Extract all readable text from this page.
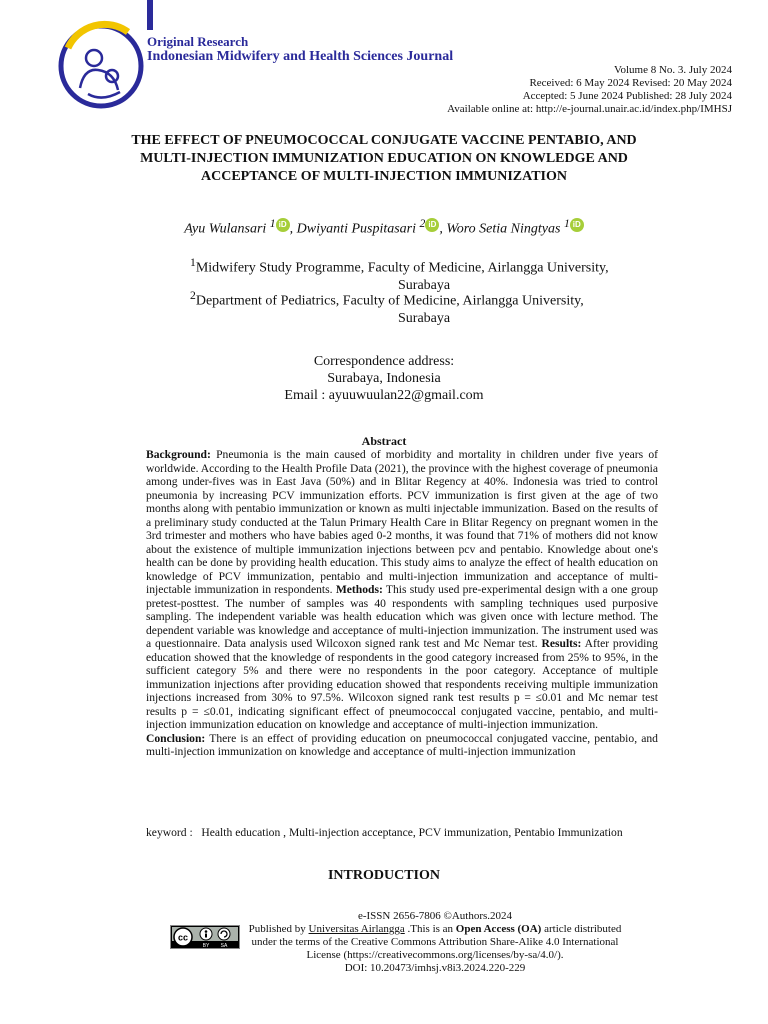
Original Research
Indonesian Midwifery and Health Sciences Journal
Volume 8 No. 3. July 2024
Received: 6 May 2024 Revised: 20 May 2024
Accepted: 5 June 2024 Published: 28 July 2024
Available online at: http://e-journal.unair.ac.id/index.php/IMHSJ
THE EFFECT OF PNEUMOCOCCAL CONJUGATE VACCINE PENTABIO, AND MULTI-INJECTION IMMUNIZATION EDUCATION ON KNOWLEDGE AND ACCEPTANCE OF MULTI-INJECTION IMMUNIZATION
Ayu Wulansari $^1$ iD , Dwiyanti Puspitasari $^2$ iD , Woro Setia Ningtyas $^1$ iD
$^1$Midwifery Study Programme, Faculty of Medicine, Airlangga University,
Surabaya
$^2$Department of Pediatrics, Faculty of Medicine, Airlangga University,
Surabaya
Correspondence address:
Surabaya, Indonesia
Email : ayuuwuulan22@gmail.com
Abstract
Background: Pneumonia is the main caused of morbidity and mortality in children under five years of worldwide. According to the Health Profile Data (2021), the province with the highest coverage of pneumonia among under-fives was in East Java (50%) and in Blitar Regency at 40%. Indonesia was tried to control pneumonia by increasing PCV immunization efforts. PCV immunization is first given at the age of two months along with pentabio immunization or known as multi injectable immunization. Based on the results of a preliminary study conducted at the Talun Primary Health Care in Blitar Regency on pregnant women in the 3rd trimester and mothers who have babies aged 0-2 months, it was found that 71% of mothers did not know about the existence of multiple immunization injections between pcv and pentabio. Knowledge about one's health can be done by providing health education. This study aims to analyze the effect of health education on knowledge of PCV immunization, pentabio and multi-injection immunization and acceptance of multi-injectable immunization in respondents. Methods: This study used pre-experimental design with a one group pretest-posttest. The number of samples was 40 respondents with sampling techniques used purposive sampling. The independent variable was health education which was given once with lecture method. The dependent variable was knowledge and acceptance of multi-injection immunization. The instrument used was a questionnaire. Data analysis used Wilcoxon signed rank test and Mc Nemar test. Results: After providing education showed that the knowledge of respondents in the good category increased from 25% to 95%, in the sufficient category 5% and there were no respondents in the poor category. Acceptance of multiple immunization injections after providing education showed that respondents receiving multiple immunization injections increased from 30% to 97.5%. Wilcoxon signed rank test results p = ≤0.01 and Mc nemar test results p = ≤0.01, indicating significant effect of pneumococcal conjugated vaccine, pentabio, and multi-injection immunization education on knowledge and acceptance of multi-injection immunization.
Conclusion: There is an effect of providing education on pneumococcal conjugated vaccine, pentabio, and multi-injection immunization on knowledge and acceptance of multi-injection immunization
keyword : Health education , Multi-injection acceptance, PCV immunization, Pentabio Immunization
INTRODUCTION
cc
BY SA
e-ISSN 2656-7806 ©Authors.2024
Published by Universitas Airlangga .This is an Open Access (OA) article distributed under the terms of the Creative Commons Attribution Share-Alike 4.0 International License (https://creativecommons.org/licenses/by-sa/4.0/).
DOI: 10.20473/imhsj.v8i3.2024.220-229
